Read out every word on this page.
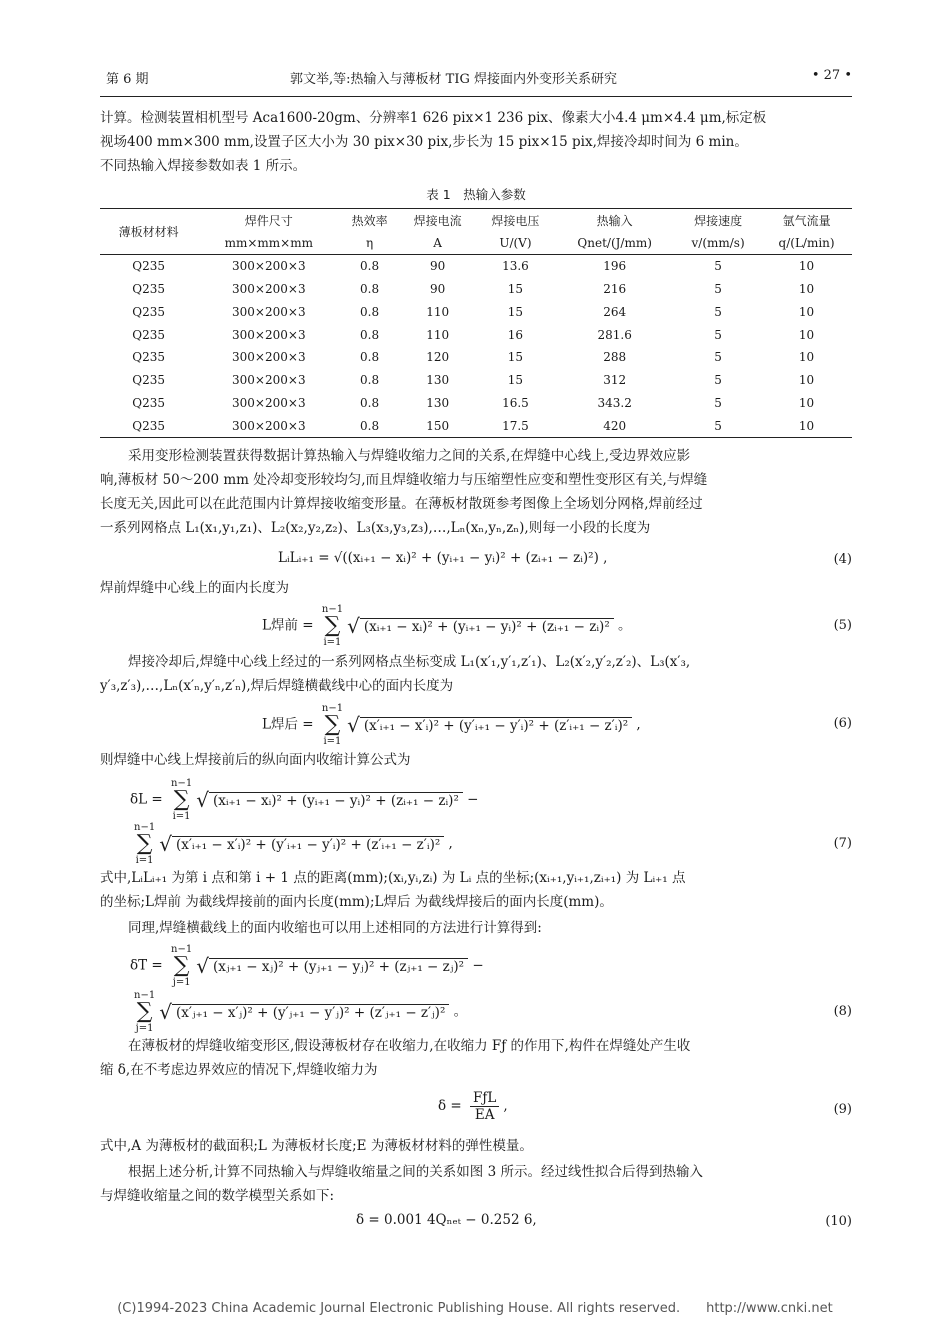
第 6 期	郭文举,等:热输入与薄板材 TIG 焊接面内外变形关系研究	• 27 •
计算。检测装置相机型号 Aca1600-20gm、分辨率1 626 pix×1 236 pix、像素大小4.4 μm×4.4 μm,标定板
视场400 mm×300 mm,设置子区大小为 30 pix×30 pix,步长为 15 pix×15 pix,焊接冷却时间为 6 min。
不同热输入焊接参数如表 1 所示。
表 1　热输入参数
薄板材材料	焊件尺寸	热效率	焊接电流	焊接电压	热输入	焊接速度	氩气流量
	mm×mm×mm	η	A	U/(V)	Qnet/(J/mm)	v/(mm/s)	q/(L/min)
Q235	300×200×3	0.8	90	13.6	196	5	10
Q235	300×200×3	0.8	90	15	216	5	10
Q235	300×200×3	0.8	110	15	264	5	10
Q235	300×200×3	0.8	110	16	281.6	5	10
Q235	300×200×3	0.8	120	15	288	5	10
Q235	300×200×3	0.8	130	15	312	5	10
Q235	300×200×3	0.8	130	16.5	343.2	5	10
Q235	300×200×3	0.8	150	17.5	420	5	10
采用变形检测装置获得数据计算热输入与焊缝收缩力之间的关系,在焊缝中心线上,受边界效应影
响,薄板材 50～200 mm 处冷却变形较均匀,而且焊缝收缩力与压缩塑性应变和塑性变形区有关,与焊缝
长度无关,因此可以在此范围内计算焊接收缩变形量。在薄板材散斑参考图像上全场划分网格,焊前经过
一系列网格点 L₁(x₁,y₁,z₁)、L₂(x₂,y₂,z₂)、L₃(x₃,y₃,z₃),…,Lₙ(xₙ,yₙ,zₙ),则每一小段的长度为
LᵢLᵢ₊₁ = √((xᵢ₊₁ − xᵢ)² + (yᵢ₊₁ − yᵢ)² + (zᵢ₊₁ − zᵢ)²) ,	(4)
焊前焊缝中心线上的面内长度为
L焊前 = n−1
∑
i=1√ (xᵢ₊₁ − xᵢ)² + (yᵢ₊₁ − yᵢ)² + (zᵢ₊₁ − zᵢ)² 。	(5)
焊接冷却后,焊缝中心线上经过的一系列网格点坐标变成 L₁(x′₁,y′₁,z′₁)、L₂(x′₂,y′₂,z′₂)、L₃(x′₃,
y′₃,z′₃),…,Lₙ(x′ₙ,y′ₙ,z′ₙ),焊后焊缝横截线中心的面内长度为
L焊后 = n−1
∑
i=1√ (x′ᵢ₊₁ − x′ᵢ)² + (y′ᵢ₊₁ − y′ᵢ)² + (z′ᵢ₊₁ − z′ᵢ)² ,	(6)
则焊缝中心线上焊接前后的纵向面内收缩计算公式为
δL = n−1
∑
i=1√ (xᵢ₊₁ − xᵢ)² + (yᵢ₊₁ − yᵢ)² + (zᵢ₊₁ − zᵢ)² −
n−1
∑
i=1√ (x′ᵢ₊₁ − x′ᵢ)² + (y′ᵢ₊₁ − y′ᵢ)² + (z′ᵢ₊₁ − z′ᵢ)² ,	(7)
式中,LᵢLᵢ₊₁ 为第 i 点和第 i + 1 点的距离(mm);(xᵢ,yᵢ,zᵢ) 为 Lᵢ 点的坐标;(xᵢ₊₁,yᵢ₊₁,zᵢ₊₁) 为 Lᵢ₊₁ 点
的坐标;L焊前 为截线焊接前的面内长度(mm);L焊后 为截线焊接后的面内长度(mm)。
同理,焊缝横截线上的面内收缩也可以用上述相同的方法进行计算得到:
δT = n−1
∑
j=1√ (xⱼ₊₁ − xⱼ)² + (yⱼ₊₁ − yⱼ)² + (zⱼ₊₁ − zⱼ)² −
n−1
∑
j=1√ (x′ⱼ₊₁ − x′ⱼ)² + (y′ⱼ₊₁ − y′ⱼ)² + (z′ⱼ₊₁ − z′ⱼ)² 。	(8)
在薄板材的焊缝收缩变形区,假设薄板材存在收缩力,在收缩力 Fƒ 的作用下,构件在焊缝处产生收
缩 δ,在不考虑边界效应的情况下,焊缝收缩力为
$\delta = \frac{\text{FƒL}}{EA}$ ,	(9)
式中,A 为薄板材的截面积;L 为薄板材长度;E 为薄板材材料的弹性模量。
根据上述分析,计算不同热输入与焊缝收缩量之间的关系如图 3 所示。经过线性拟合后得到热输入
与焊缝收缩量之间的数学模型关系如下:
δ = 0.001 4Qₙₑₜ − 0.252 6,	(10)
(C)1994-2023 China Academic Journal Electronic Publishing House. All rights reserved.　　http://www.cnki.net
